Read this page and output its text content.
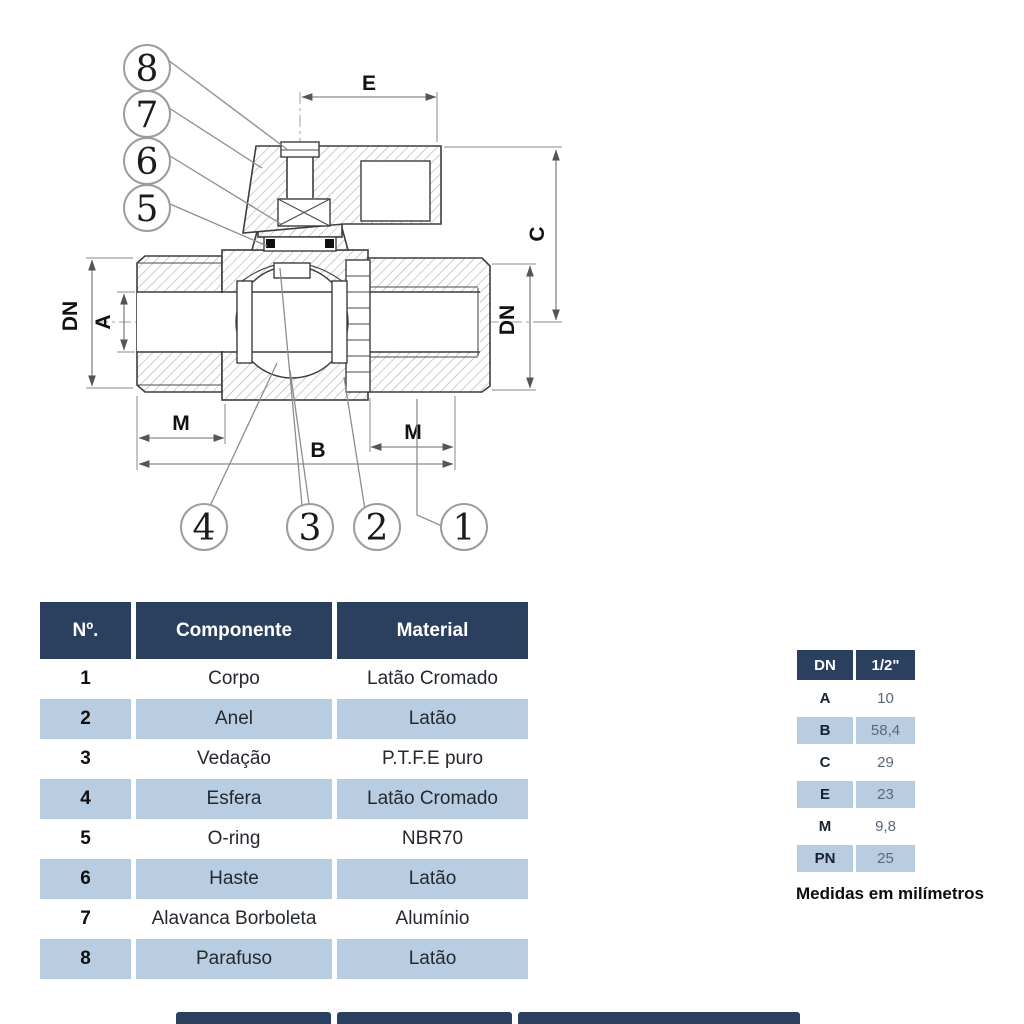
E
C
DN
DN A
M	M
B
8
7
6
5
4 3 2 1
Nº.	Componente	Material
1	Corpo	Latão Cromado
2	Anel	Latão
3	Vedação	P.T.F.E puro
4	Esfera	Latão Cromado
5	O-ring	NBR70
6	Haste	Latão
7	Alavanca Borboleta	Alumínio
8	Parafuso	Latão
DN	1/2"
A	10
B	58,4
C	29
E	23
M	9,8
PN	25
Medidas em milímetros
